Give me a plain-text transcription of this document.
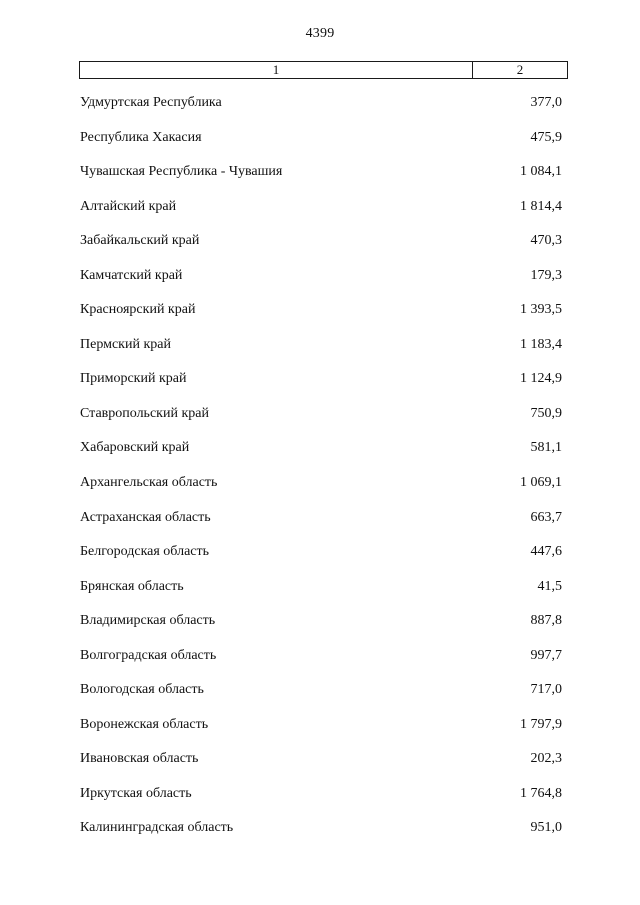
4399
1	2
Удмуртская Республика	377,0
Республика Хакасия	475,9
Чувашская Республика - Чувашия	1 084,1
Алтайский край	1 814,4
Забайкальский край	470,3
Камчатский край	179,3
Красноярский край	1 393,5
Пермский край	1 183,4
Приморский край	1 124,9
Ставропольский край	750,9
Хабаровский край	581,1
Архангельская область	1 069,1
Астраханская область	663,7
Белгородская область	447,6
Брянская область	41,5
Владимирская область	887,8
Волгоградская область	997,7
Вологодская область	717,0
Воронежская область	1 797,9
Ивановская область	202,3
Иркутская область	1 764,8
Калининградская область	951,0
